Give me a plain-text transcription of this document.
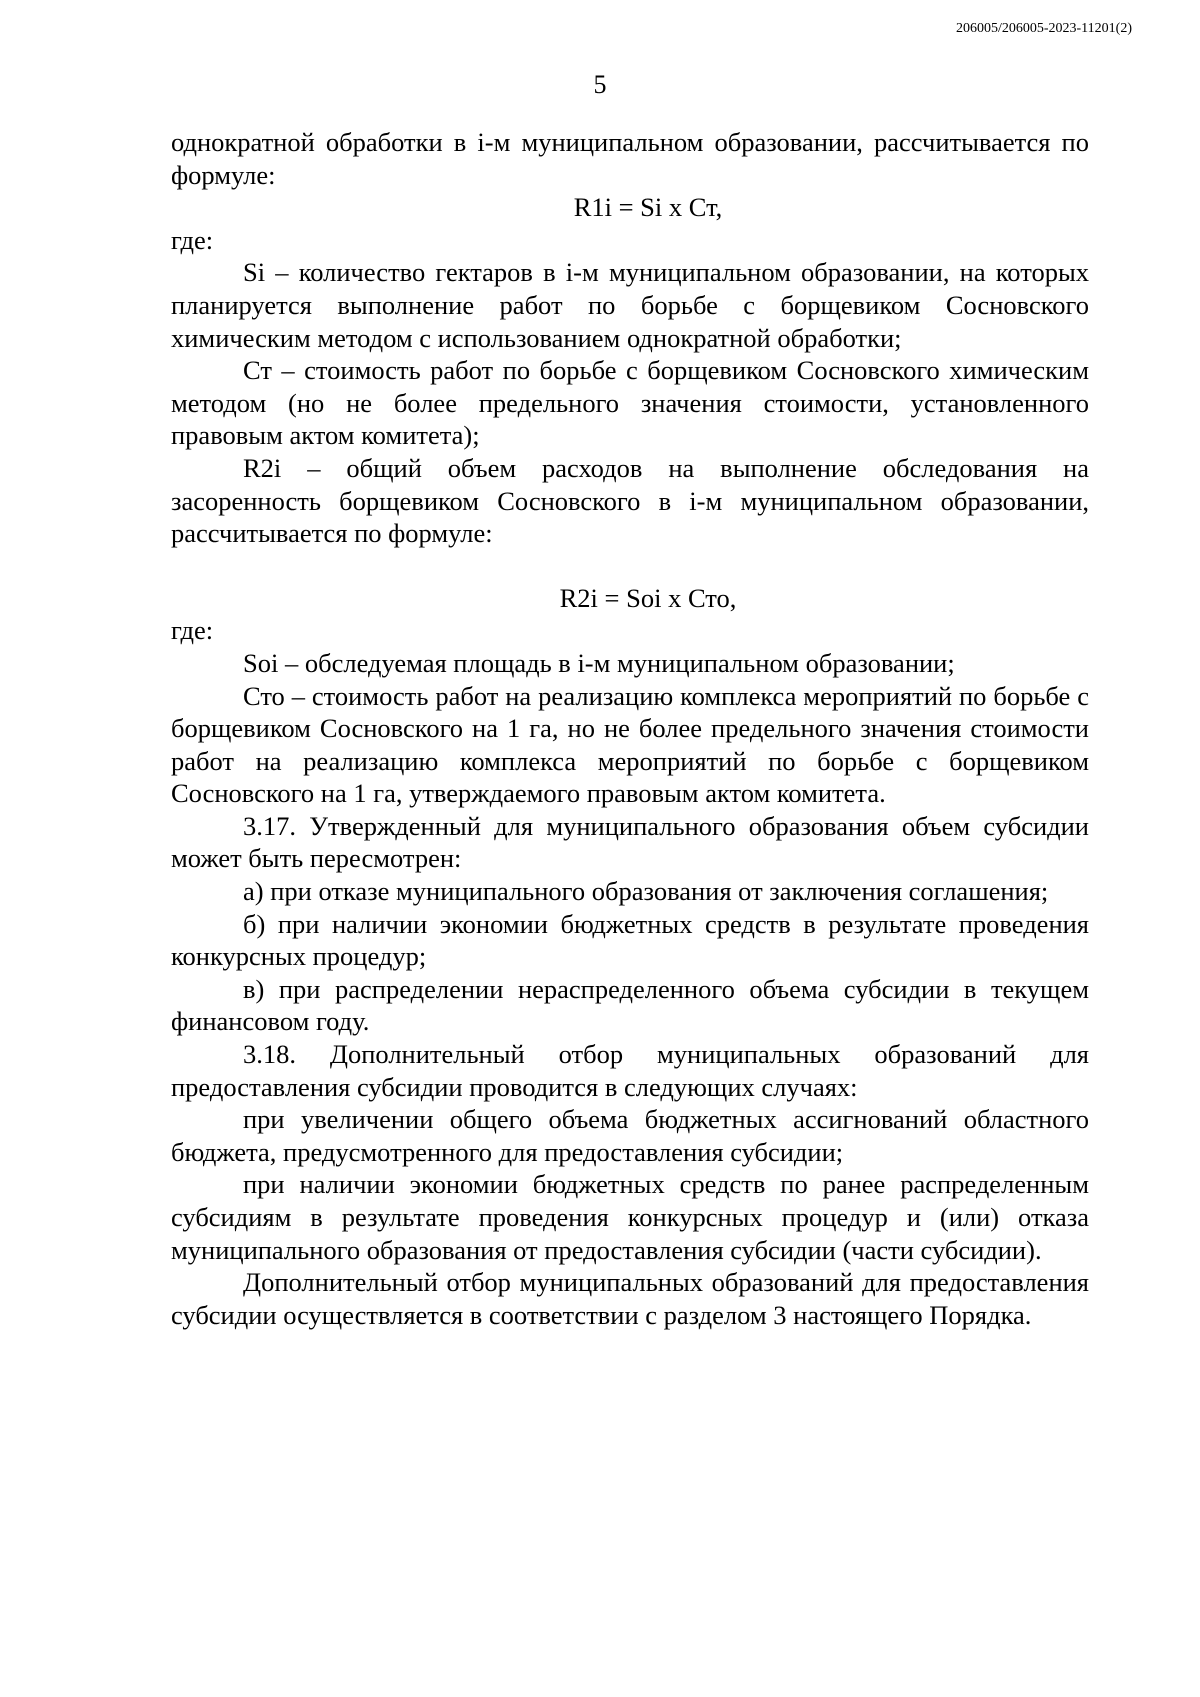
206005/206005-2023-11201(2)
5

однократной обработки в i-м муниципальном образовании, рассчитывается по формуле:

R1i = Si x Ст,

где:

Si – количество гектаров в i-м муниципальном образовании, на которых планируется выполнение работ по борьбе с борщевиком Сосновского химическим методом с использованием однократной обработки;

Ст – стоимость работ по борьбе с борщевиком Сосновского химическим методом (но не более предельного значения стоимости, установленного правовым актом комитета);

R2i – общий объем расходов на выполнение обследования на засоренность борщевиком Сосновского в i-м муниципальном образовании, рассчитывается по формуле:

R2i = Soi x Сто,

где:

Soi – обследуемая площадь в i-м муниципальном образовании;

Сто – стоимость работ на реализацию комплекса мероприятий по борьбе с борщевиком Сосновского на 1 га, но не более предельного значения стоимости работ на реализацию комплекса мероприятий по борьбе с борщевиком Сосновского на 1 га, утверждаемого правовым актом комитета.

3.17. Утвержденный для муниципального образования объем субсидии может быть пересмотрен:

а) при отказе муниципального образования от заключения соглашения;

б) при наличии экономии бюджетных средств в результате проведения конкурсных процедур;

в) при распределении нераспределенного объема субсидии в текущем финансовом году.

3.18. Дополнительный отбор муниципальных образований для предоставления субсидии проводится в следующих случаях:

при увеличении общего объема бюджетных ассигнований областного бюджета, предусмотренного для предоставления субсидии;

при наличии экономии бюджетных средств по ранее распределенным субсидиям в результате проведения конкурсных процедур и (или) отказа муниципального образования от предоставления субсидии (части субсидии).

Дополнительный отбор муниципальных образований для предоставления субсидии осуществляется в соответствии с разделом 3 настоящего Порядка.
